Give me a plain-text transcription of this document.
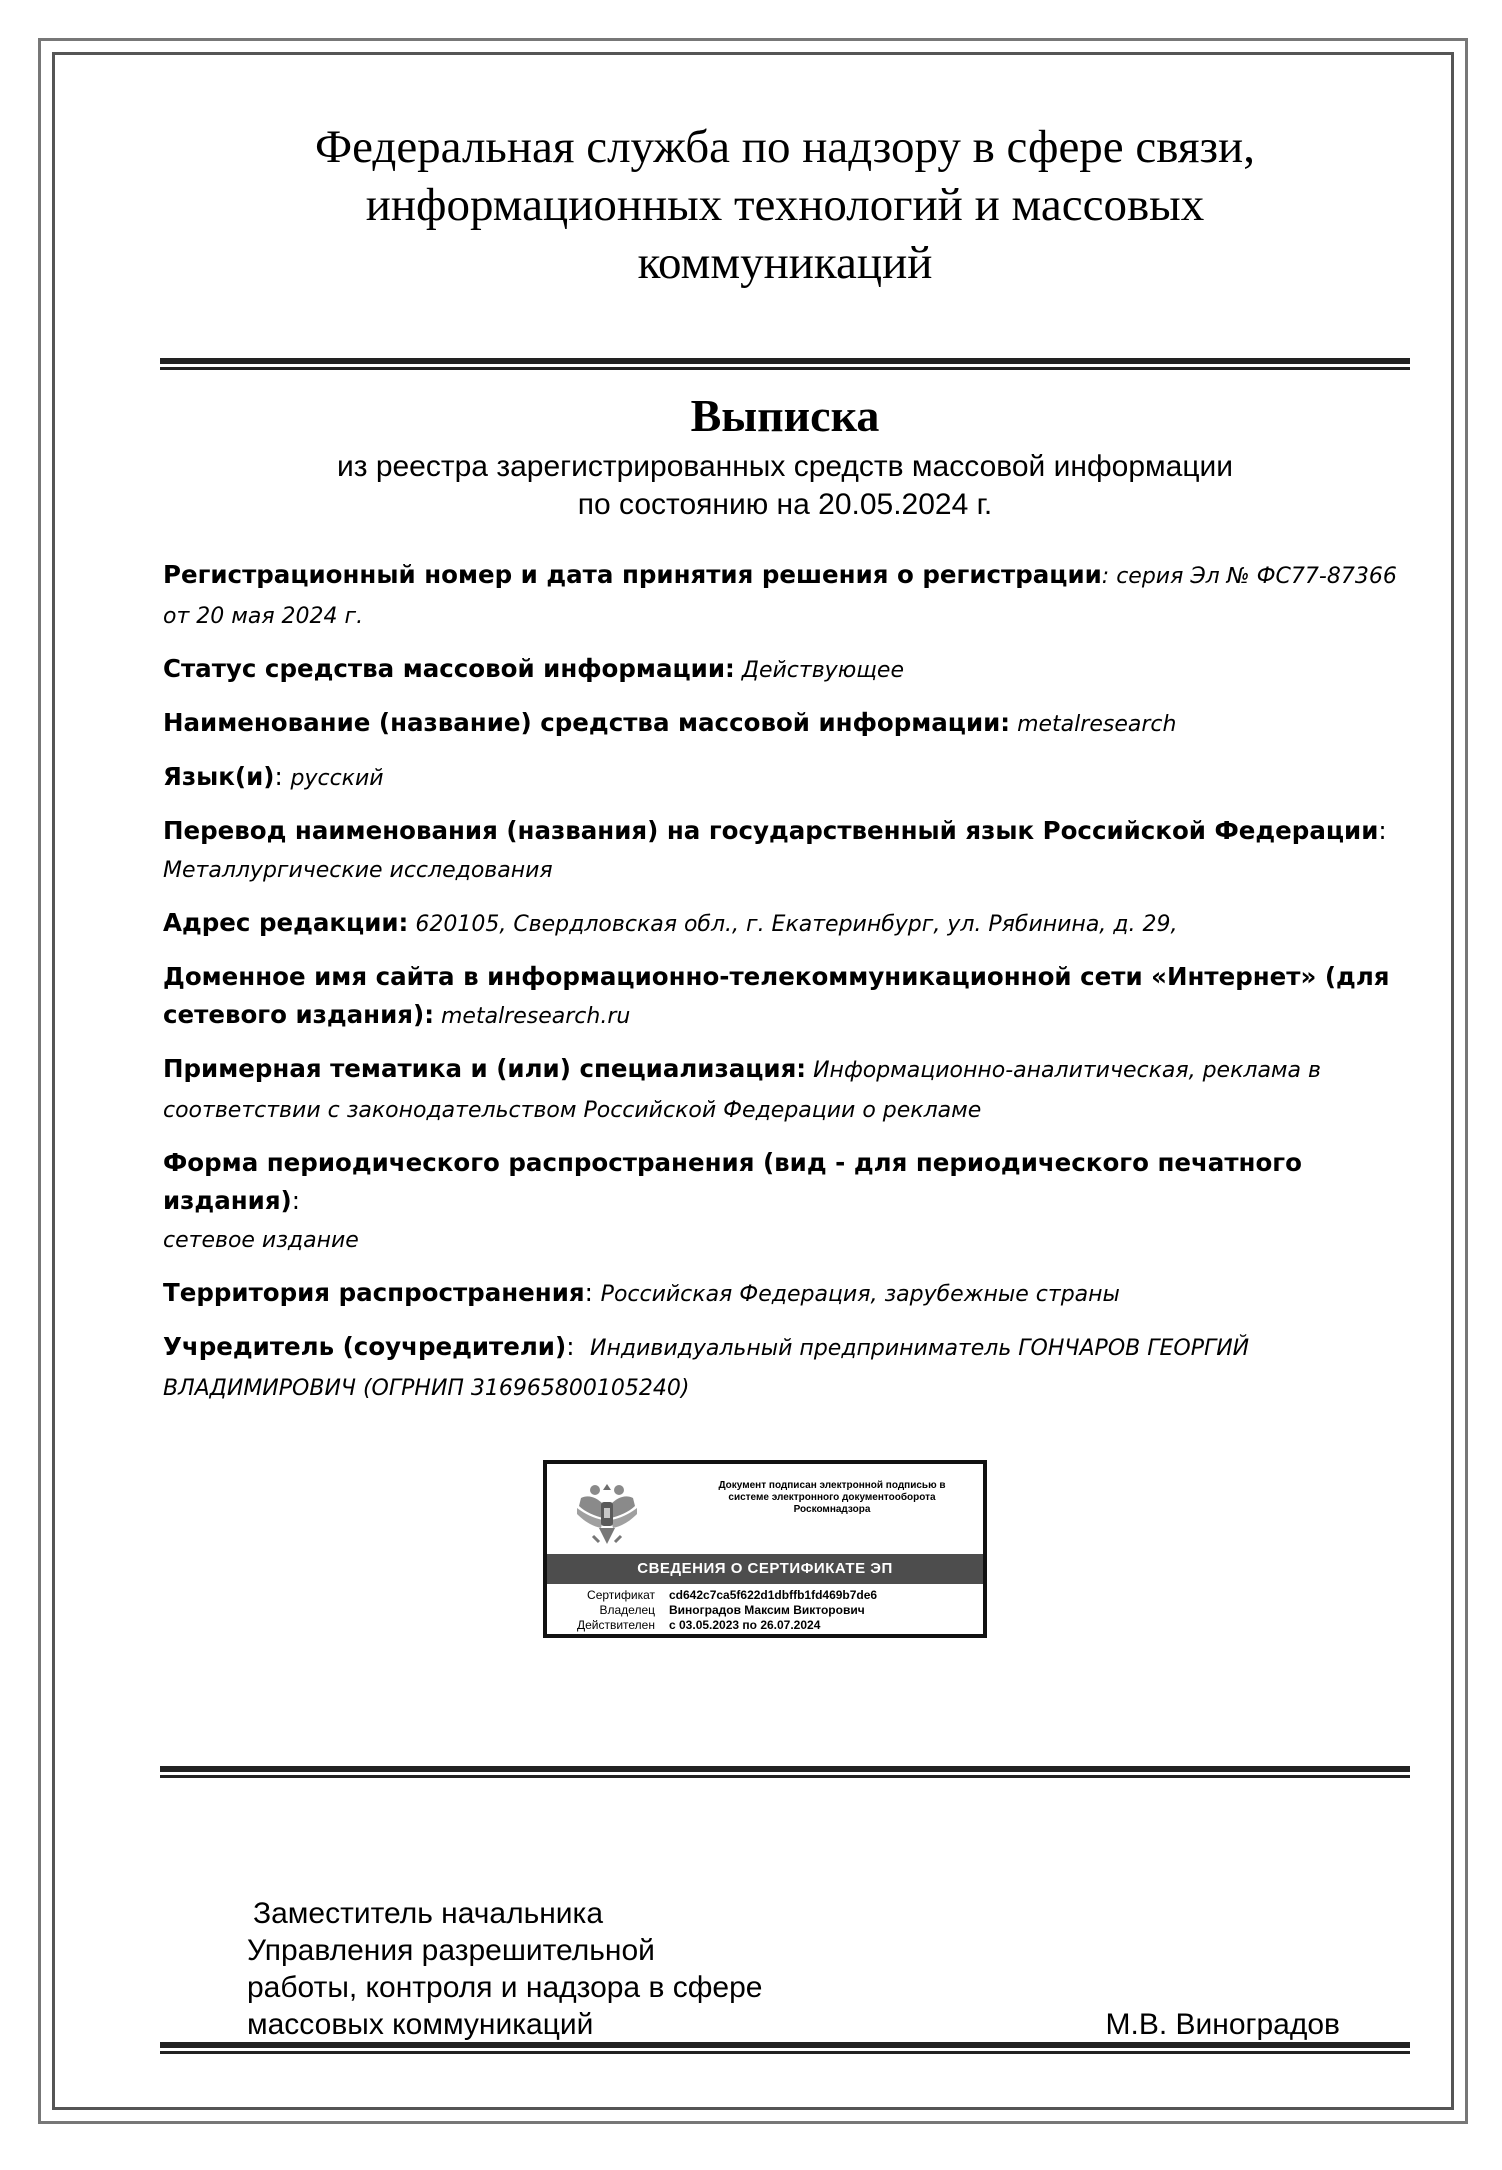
Федеральная служба по надзору в сфере связи,
информационных технологий и массовых
коммуникаций
Выписка
из реестра зарегистрированных средств массовой информации
по состоянию на 20.05.2024 г.
Регистрационный номер и дата принятия решения о регистрации: серия Эл № ФС77-87366 от 20 мая 2024 г.
Статус средства массовой информации: Действующее
Наименование (название) средства массовой информации: metalresearch
Язык(и): русский
Перевод наименования (названия) на государственный язык Российской Федерации:
Металлургические исследования
Адрес редакции: 620105, Свердловская обл., г. Екатеринбург, ул. Рябинина, д. 29,
Доменное имя сайта в информационно-телекоммуникационной сети «Интернет» (для сетевого издания): metalresearch.ru
Примерная тематика и (или) специализация: Информационно-аналитическая, реклама в соответствии с законодательством Российской Федерации о рекламе
Форма периодического распространения (вид - для периодического печатного издания):
сетевое издание
Территория распространения: Российская Федерация, зарубежные страны
Учредитель (соучредители):  Индивидуальный предприниматель ГОНЧАРОВ ГЕОРГИЙ ВЛАДИМИРОВИЧ (ОГРНИП 316965800105240)
Документ подписан электронной подписью в
системе электронного документооборота
Роскомнадзора
СВЕДЕНИЯ О СЕРТИФИКАТЕ ЭП
Сертификат	cd642c7ca5f622d1dbffb1fd469b7de6
Владелец	Виноградов Максим Викторович
Действителен	с 03.05.2023 по 26.07.2024
Заместитель начальника
Управления разрешительной
работы, контроля и надзора в сфере
массовых коммуникаций	М.В. Виноградов
